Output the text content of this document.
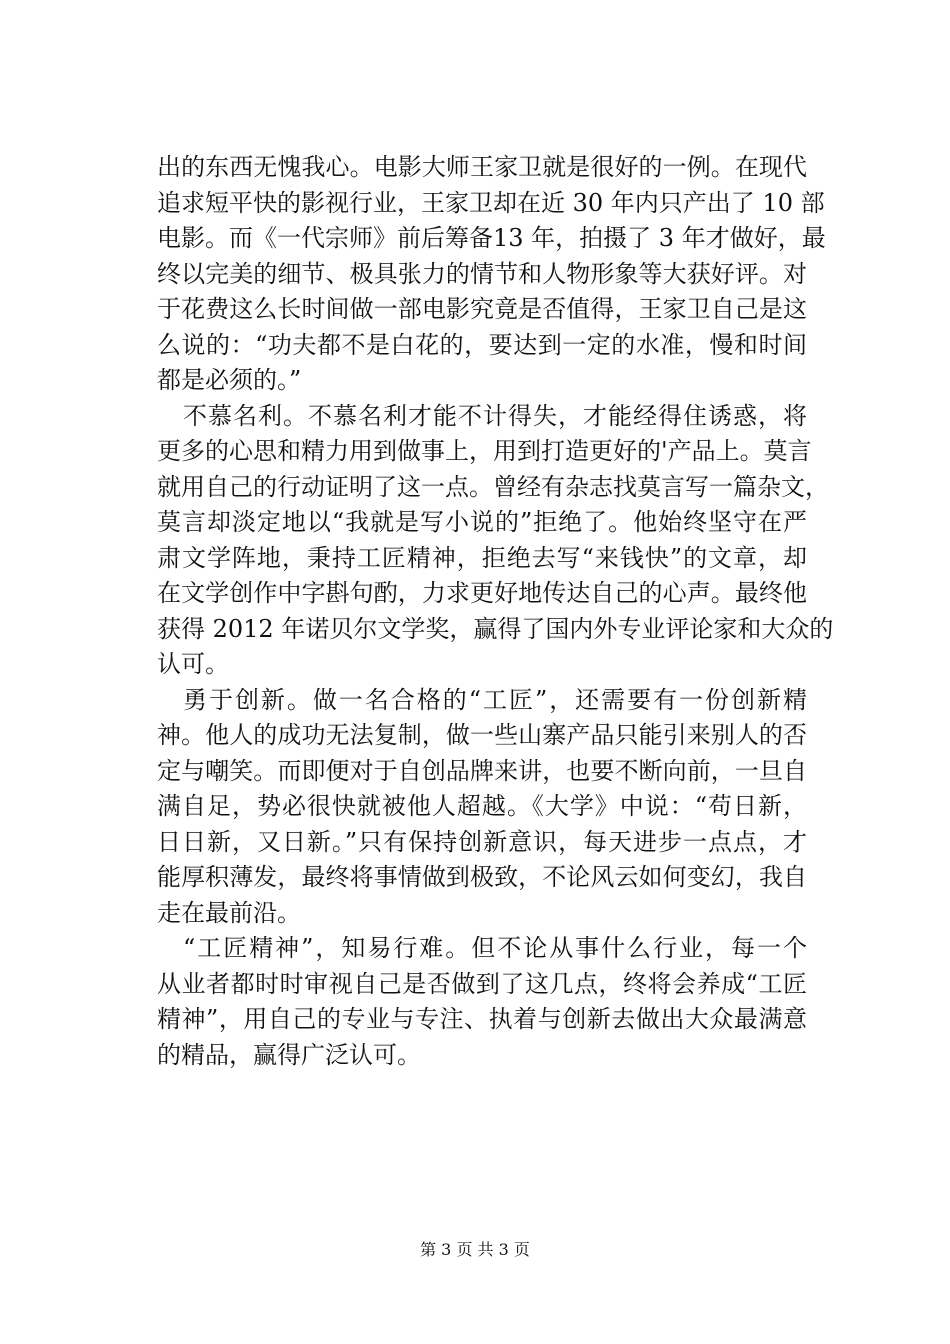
出的东西无愧我心。电影大师王家卫就是很好的一例。在现代
追求短平快的影视行业，王家卫却在近 30 年内只产出了 10 部
电影。而《一代宗师》前后筹备13 年，拍摄了 3 年才做好，最
终以完美的细节、极具张力的情节和人物形象等大获好评。对
于花费这么长时间做一部电影究竟是否值得，王家卫自己是这
么说的：“功夫都不是白花的，要达到一定的水准，慢和时间
都是必须的。”
不慕名利。不慕名利才能不计得失，才能经得住诱惑，将
更多的心思和精力用到做事上，用到打造更好的'产品上。莫言
就用自己的行动证明了这一点。曾经有杂志找莫言写一篇杂文，
莫言却淡定地以“我就是写小说的”拒绝了。他始终坚守在严
肃文学阵地，秉持工匠精神，拒绝去写“来钱快”的文章，却
在文学创作中字斟句酌，力求更好地传达自己的心声。最终他
获得 2012 年诺贝尔文学奖，赢得了国内外专业评论家和大众的
认可。
勇于创新。做一名合格的“工匠”，还需要有一份创新精
神。他人的成功无法复制，做一些山寨产品只能引来别人的否
定与嘲笑。而即便对于自创品牌来讲，也要不断向前，一旦自
满自足，势必很快就被他人超越。《大学》中说：“苟日新，
日日新，又日新。”只有保持创新意识，每天进步一点点，才
能厚积薄发，最终将事情做到极致，不论风云如何变幻，我自
走在最前沿。
“工匠精神”，知易行难。但不论从事什么行业，每一个
从业者都时时审视自己是否做到了这几点，终将会养成“工匠
精神”，用自己的专业与专注、执着与创新去做出大众最满意
的精品，赢得广泛认可。
第 3 页 共 3 页
